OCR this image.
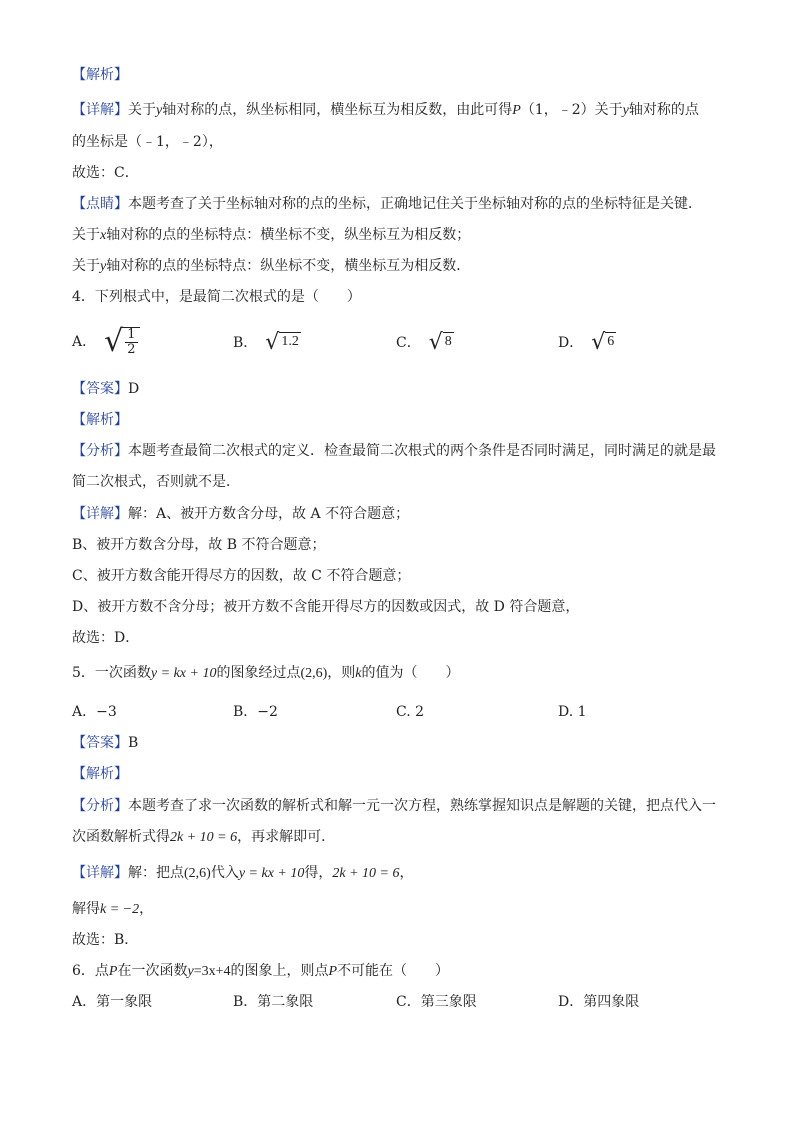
【解析】
【详解】关于y轴对称的点，纵坐标相同，横坐标互为相反数，由此可得P（1，﹣2）关于y轴对称的点
的坐标是（﹣1，﹣2），
故选：C．
【点睛】本题考查了关于坐标轴对称的点的坐标，正确地记住关于坐标轴对称的点的坐标特征是关键．
关于x轴对称的点的坐标特点：横坐标不变，纵坐标互为相反数；
关于y轴对称的点的坐标特点：纵坐标不变，横坐标互为相反数．
4．下列根式中，是最简二次根式的是（　　）
A． √ $\frac{1}{2}$	B． √ 1.2	C． √ 8	D． √ 6
【答案】D
【解析】
【分析】本题考查最简二次根式的定义．检查最简二次根式的两个条件是否同时满足，同时满足的就是最
简二次根式，否则就不是．
【详解】解：A、被开方数含分母，故 A 不符合题意；
B、被开方数含分母，故 B 不符合题意；
C、被开方数含能开得尽方的因数，故 C 不符合题意；
D、被开方数不含分母；被开方数不含能开得尽方的因数或因式，故 D 符合题意，
故选：D．
5．一次函数y = kx + 10的图象经过点(2,6)，则k的值为（　　）
A．−3	B．−2	C. 2	D. 1
【答案】B
【解析】
【分析】本题考查了求一次函数的解析式和解一元一次方程，熟练掌握知识点是解题的关键，把点代入一
次函数解析式得2k + 10 = 6，再求解即可．
【详解】解：把点(2,6)代入y = kx + 10得，2k + 10 = 6，
解得k = −2，
故选：B．
6．点P在一次函数y=3x+4的图象上，则点P不可能在（　　）
A．第一象限	B．第二象限	C．第三象限	D．第四象限
